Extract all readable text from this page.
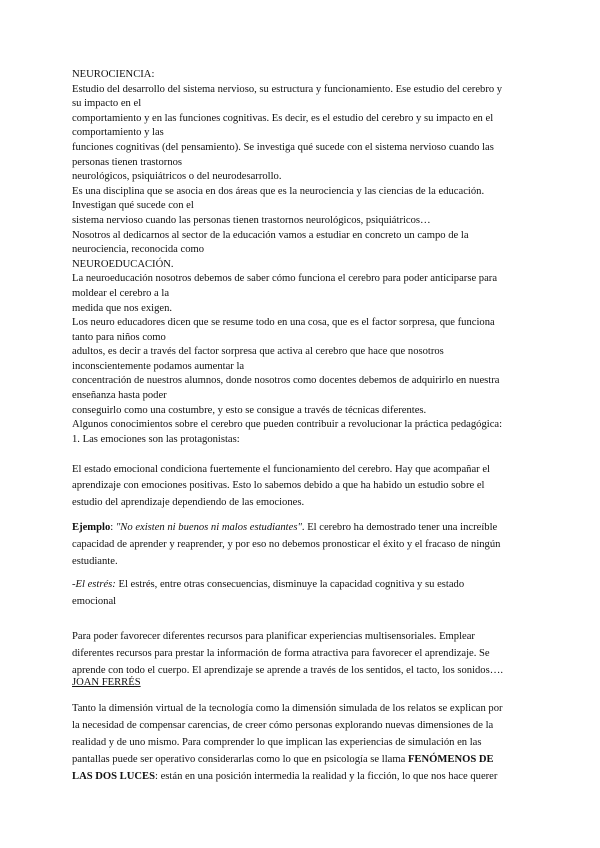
NEUROCIENCIA:
Estudio del desarrollo del sistema nervioso, su estructura y funcionamiento. Ese estudio del cerebro y
su impacto en el
comportamiento y en las funciones cognitivas. Es decir, es el estudio del cerebro y su impacto en el
comportamiento y las
funciones cognitivas (del pensamiento). Se investiga qué sucede con el sistema nervioso cuando las
personas tienen trastornos
neurológicos, psiquiátricos o del neurodesarrollo.
Es una disciplina que se asocia en dos áreas que es la neurociencia y las ciencias de la educación.
Investigan qué sucede con el
sistema nervioso cuando las personas tienen trastornos neurológicos, psiquiátricos…
Nosotros al dedicarnos al sector de la educación vamos a estudiar en concreto un campo de la
neurociencia, reconocida como
NEUROEDUCACIÓN.
La neuroeducación nosotros debemos de saber cómo funciona el cerebro para poder anticiparse para
moldear el cerebro a la
medida que nos exigen.
Los neuro educadores dicen que se resume todo en una cosa, que es el factor sorpresa, que funciona
tanto para niños como
adultos, es decir a través del factor sorpresa que activa al cerebro que hace que nosotros
inconscientemente podamos aumentar la
concentración de nuestros alumnos, donde nosotros como docentes debemos de adquirirlo en nuestra
enseñanza hasta poder
conseguirlo como una costumbre, y esto se consigue a través de técnicas diferentes.
Algunos conocimientos sobre el cerebro que pueden contribuir a revolucionar la práctica pedagógica:
1. Las emociones son las protagonistas:
El estado emocional condiciona fuertemente el funcionamiento del cerebro. Hay que acompañar el
aprendizaje con emociones positivas. Esto lo sabemos debido a que ha habido un estudio sobre el
estudio del aprendizaje dependiendo de las emociones.
Ejemplo: "No existen ni buenos ni malos estudiantes". El cerebro ha demostrado tener una increíble
capacidad de aprender y reaprender, y por eso no debemos pronosticar el éxito y el fracaso de ningún
estudiante.
-El estrés: El estrés, entre otras consecuencias, disminuye la capacidad cognitiva y su estado
emocional
Para poder favorecer diferentes recursos para planificar experiencias multisensoriales. Emplear
diferentes recursos para prestar la información de forma atractiva para favorecer el aprendizaje. Se
aprende con todo el cuerpo. El aprendizaje se aprende a través de los sentidos, el tacto, los sonidos….
JOAN FERRÉS
Tanto la dimensión virtual de la tecnología como la dimensión simulada de los relatos se explican por
la necesidad de compensar carencias, de creer cómo personas explorando nuevas dimensiones de la
realidad y de uno mismo. Para comprender lo que implican las experiencias de simulación en las
pantallas puede ser operativo considerarlas como lo que en psicología se llama FENÓMENOS DE
LAS DOS LUCES: están en una posición intermedia la realidad y la ficción, lo que nos hace querer
